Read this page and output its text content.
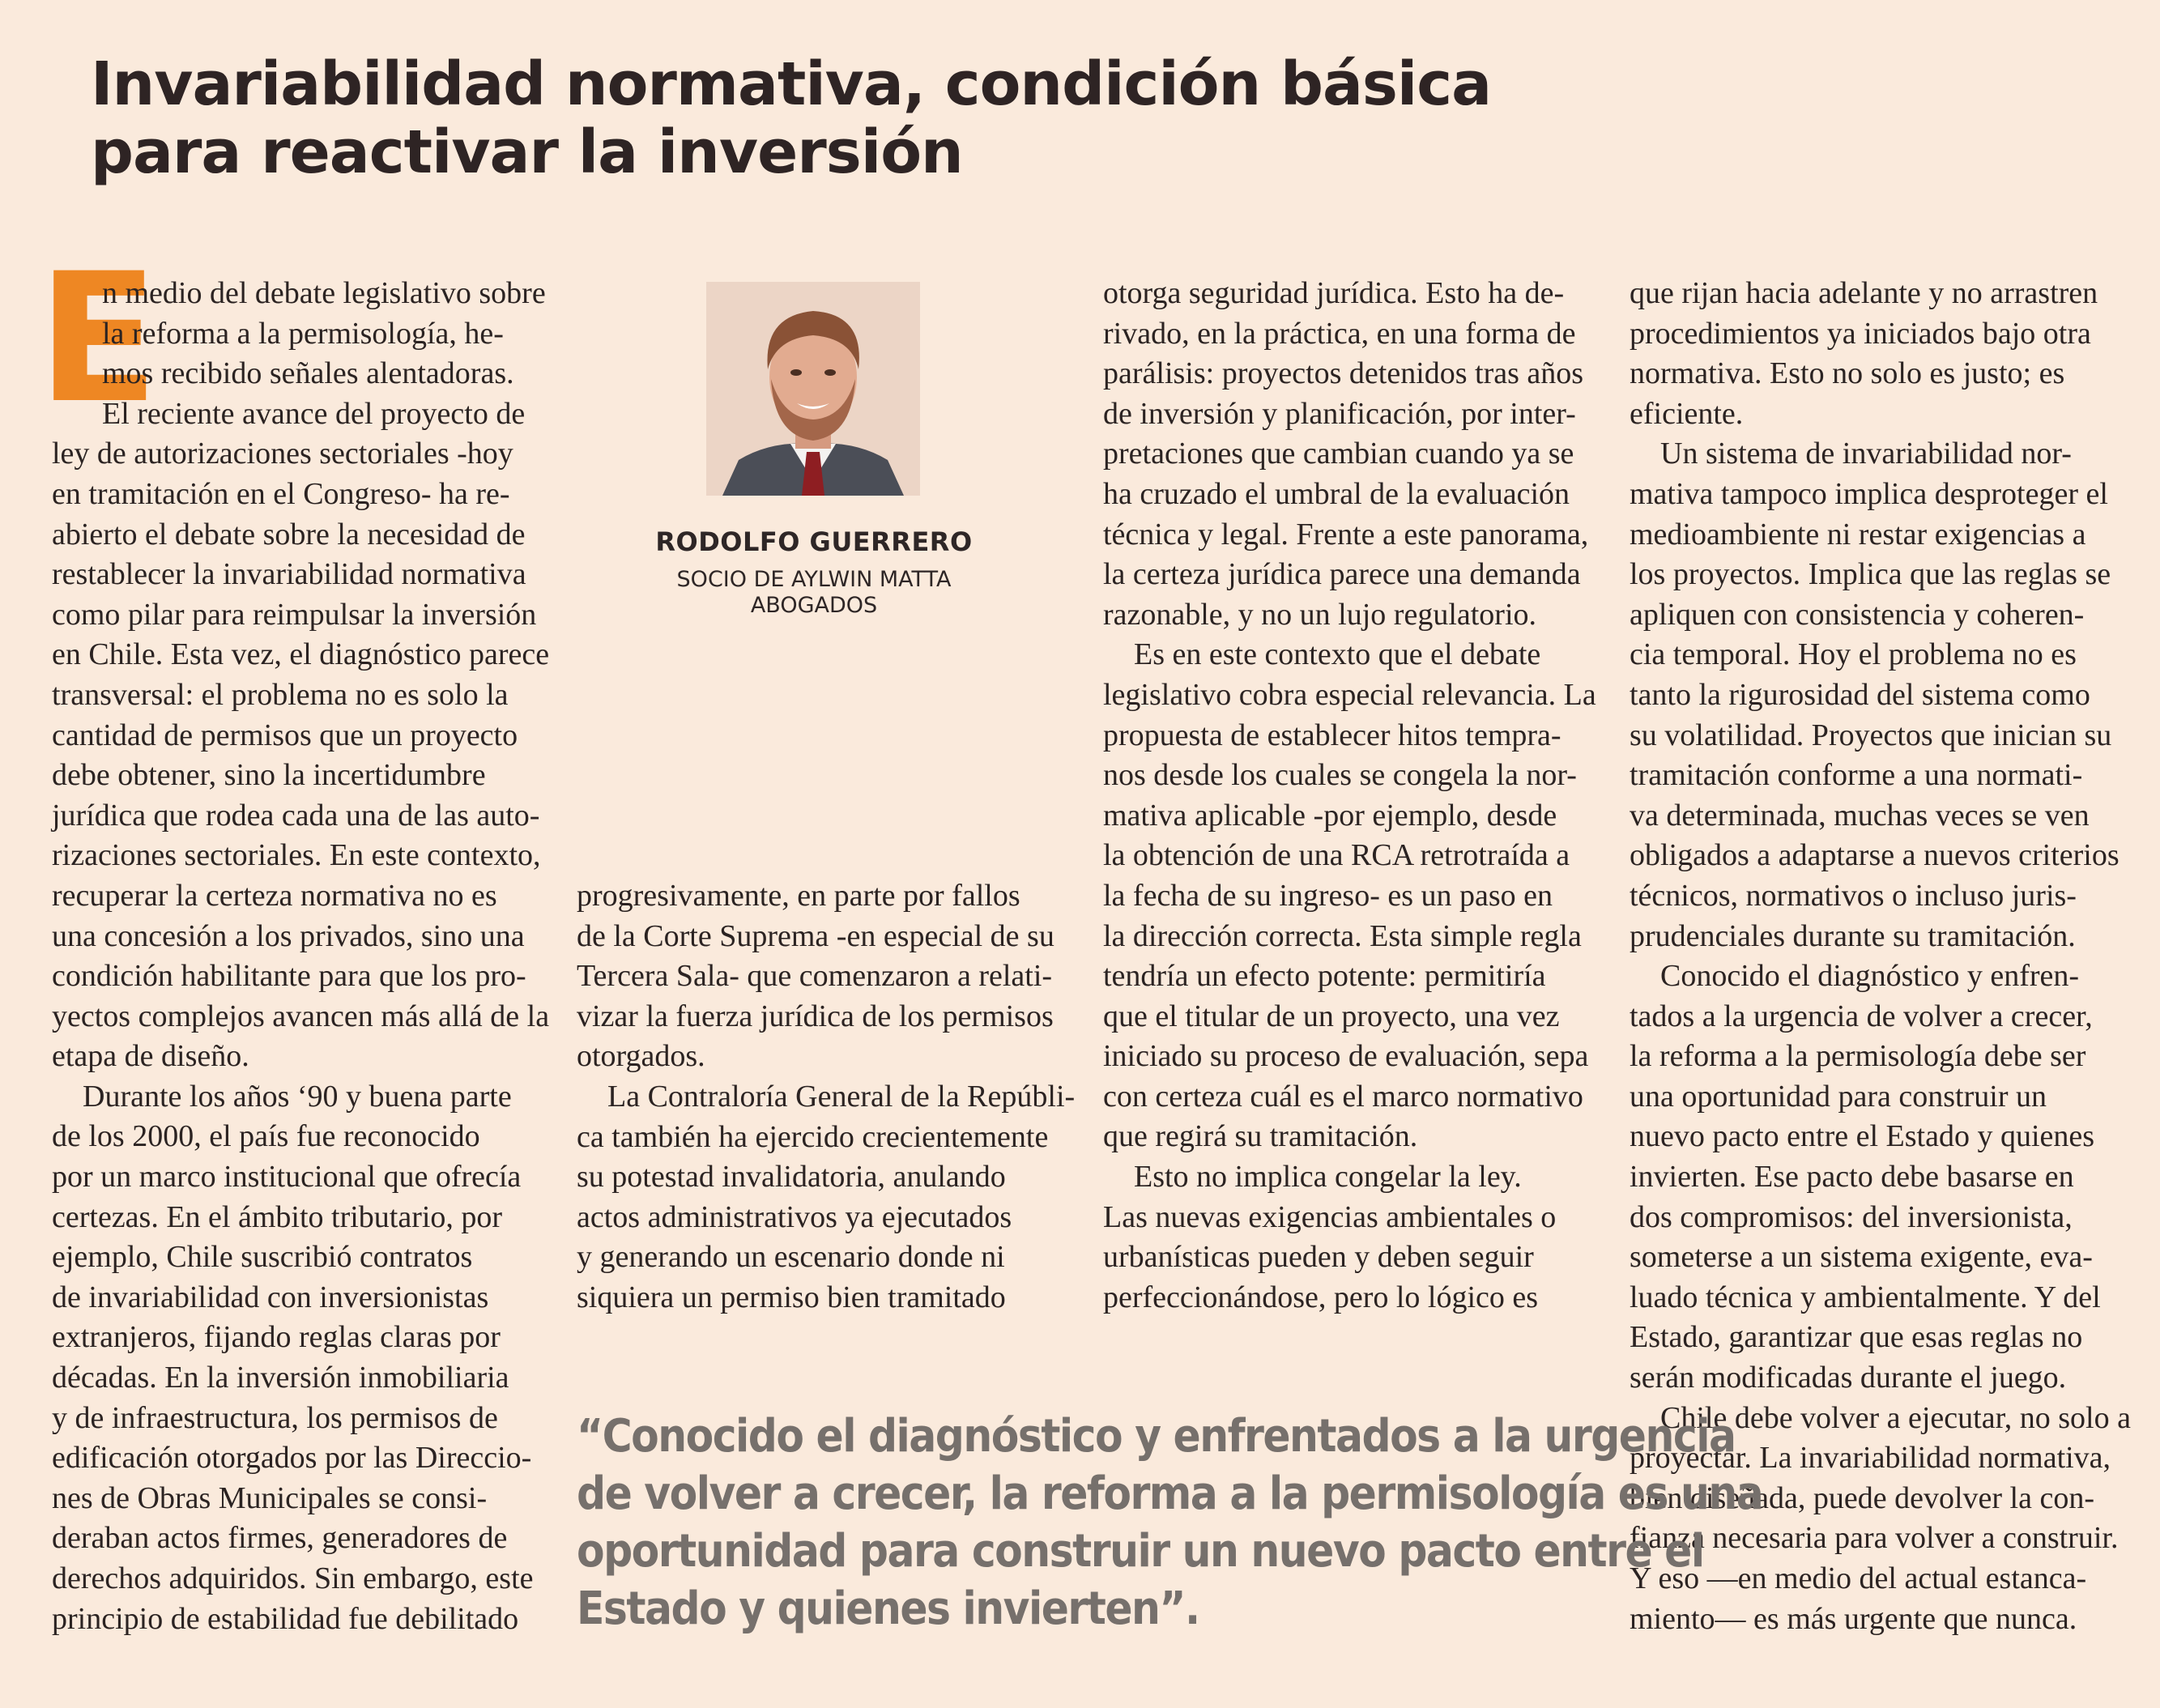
Invariabilidad normativa, condición básica
para reactivar la inversión
E
n medio del debate legislativo sobre
la reforma a la permisología, he-
mos recibido señales alentadoras.
El reciente avance del proyecto de
ley de autorizaciones sectoriales -hoy
en tramitación en el Congreso- ha re-
abierto el debate sobre la necesidad de
restablecer la invariabilidad normativa
como pilar para reimpulsar la inversión
en Chile. Esta vez, el diagnóstico parece
transversal: el problema no es solo la
cantidad de permisos que un proyecto
debe obtener, sino la incertidumbre
jurídica que rodea cada una de las auto-
rizaciones sectoriales. En este contexto,
recuperar la certeza normativa no es
una concesión a los privados, sino una
condición habilitante para que los pro-
yectos complejos avancen más allá de la
etapa de diseño.
Durante los años ‘90 y buena parte
de los 2000, el país fue reconocido
por un marco institucional que ofrecía
certezas. En el ámbito tributario, por
ejemplo, Chile suscribió contratos
de invariabilidad con inversionistas
extranjeros, fijando reglas claras por
décadas. En la inversión inmobiliaria
y de infraestructura, los permisos de
edificación otorgados por las Direccio-
nes de Obras Municipales se consi-
deraban actos firmes, generadores de
derechos adquiridos. Sin embargo, este
principio de estabilidad fue debilitado
RODOLFO GUERRERO
SOCIO DE AYLWIN MATTA
ABOGADOS
progresivamente, en parte por fallos
de la Corte Suprema -en especial de su
Tercera Sala- que comenzaron a relati-
vizar la fuerza jurídica de los permisos
otorgados.
La Contraloría General de la Repúbli-
ca también ha ejercido crecientemente
su potestad invalidatoria, anulando
actos administrativos ya ejecutados
y generando un escenario donde ni
siquiera un permiso bien tramitado
otorga seguridad jurídica. Esto ha de-
rivado, en la práctica, en una forma de
parálisis: proyectos detenidos tras años
de inversión y planificación, por inter-
pretaciones que cambian cuando ya se
ha cruzado el umbral de la evaluación
técnica y legal. Frente a este panorama,
la certeza jurídica parece una demanda
razonable, y no un lujo regulatorio.
Es en este contexto que el debate
legislativo cobra especial relevancia. La
propuesta de establecer hitos tempra-
nos desde los cuales se congela la nor-
mativa aplicable -por ejemplo, desde
la obtención de una RCA retrotraída a
la fecha de su ingreso- es un paso en
la dirección correcta. Esta simple regla
tendría un efecto potente: permitiría
que el titular de un proyecto, una vez
iniciado su proceso de evaluación, sepa
con certeza cuál es el marco normativo
que regirá su tramitación.
Esto no implica congelar la ley.
Las nuevas exigencias ambientales o
urbanísticas pueden y deben seguir
perfeccionándose, pero lo lógico es
que rijan hacia adelante y no arrastren
procedimientos ya iniciados bajo otra
normativa. Esto no solo es justo; es
eficiente.
Un sistema de invariabilidad nor-
mativa tampoco implica desproteger el
medioambiente ni restar exigencias a
los proyectos. Implica que las reglas se
apliquen con consistencia y coheren-
cia temporal. Hoy el problema no es
tanto la rigurosidad del sistema como
su volatilidad. Proyectos que inician su
tramitación conforme a una normati-
va determinada, muchas veces se ven
obligados a adaptarse a nuevos criterios
técnicos, normativos o incluso juris-
prudenciales durante su tramitación.
Conocido el diagnóstico y enfren-
tados a la urgencia de volver a crecer,
la reforma a la permisología debe ser
una oportunidad para construir un
nuevo pacto entre el Estado y quienes
invierten. Ese pacto debe basarse en
dos compromisos: del inversionista,
someterse a un sistema exigente, eva-
luado técnica y ambientalmente. Y del
Estado, garantizar que esas reglas no
serán modificadas durante el juego.
Chile debe volver a ejecutar, no solo a
proyectar. La invariabilidad normativa,
bien diseñada, puede devolver la con-
fianza necesaria para volver a construir.
Y eso —en medio del actual estanca-
miento— es más urgente que nunca.
“Conocido el diagnóstico y enfrentados a la urgencia
de volver a crecer, la reforma a la permisología es una
oportunidad para construir un nuevo pacto entre el
Estado y quienes invierten”.
